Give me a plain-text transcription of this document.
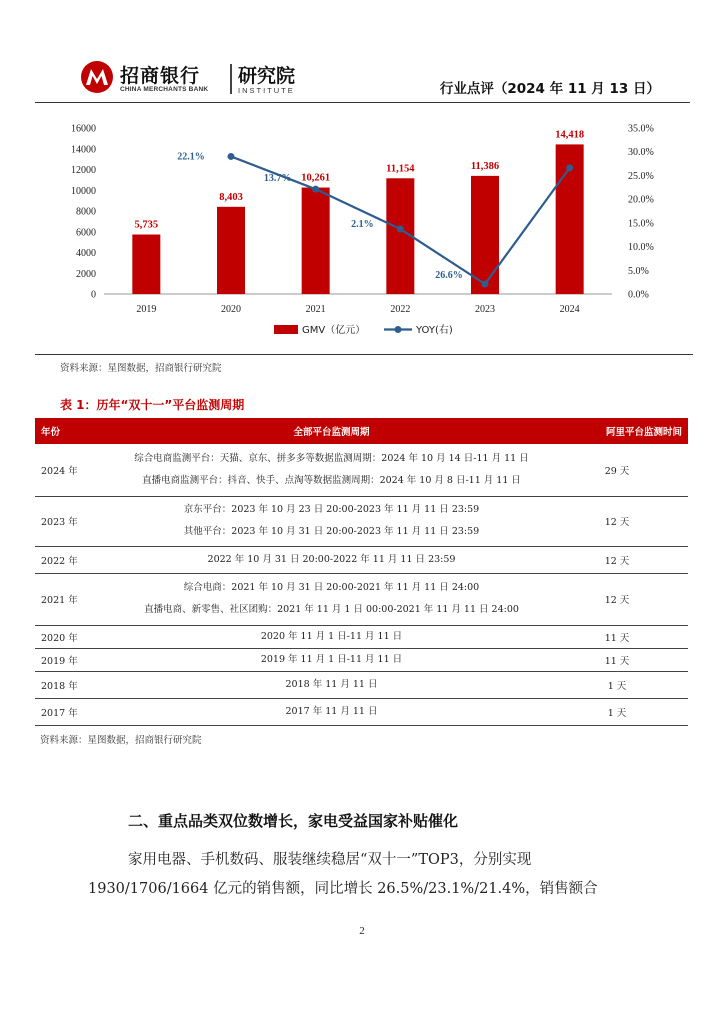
招商银行
CHINA MERCHANTS BANK
研究院
INSTITUTE	行业点评（2024 年 11 月 13 日）
0
2000
4000
6000
8000
10000
12000
14000
16000
0.0%
5.0%
10.0%
15.0%
20.0%
25.0%
30.0%
35.0%
5,735
8,403
10,261
11,154	11,386
14,418
2019	2020	2021	2022	2023	2024
22.1%
13.7%
2.1%
26.6%
GMV（亿元）	YOY(右)
资料来源：星图数据，招商银行研究院
表 1：历年“双十一”平台监测周期
年份	全部平台监测周期	阿里平台监测时间
2024 年	综合电商监测平台：天猫、京东、拼多多等数据监测周期：2024 年 10 月 14 日-11 月 11 日
直播电商监测平台：抖音、快手、点淘等数据监测周期：2024 年 10 月 8 日-11 月 11 日	29 天
2023 年	京东平台：2023 年 10 月 23 日 20:00-2023 年 11 月 11 日 23:59
其他平台：2023 年 10 月 31 日 20:00-2023 年 11 月 11 日 23:59	12 天
2022 年	2022 年 10 月 31 日 20:00-2022 年 11 月 11 日 23:59	12 天
2021 年	综合电商：2021 年 10 月 31 日 20:00-2021 年 11 月 11 日 24:00
直播电商、新零售、社区团购：2021 年 11 月 1 日 00:00-2021 年 11 月 11 日 24:00	12 天
2020 年	2020 年 11 月 1 日-11 月 11 日	11 天
2019 年	2019 年 11 月 1 日-11 月 11 日	11 天
2018 年	2018 年 11 月 11 日	1 天
2017 年	2017 年 11 月 11 日	1 天
资料来源：星图数据，招商银行研究院
二、重点品类双位数增长，家电受益国家补贴催化
家用电器、手机数码、服装继续稳居“双十一”TOP3，分别实现
1930/1706/1664 亿元的销售额，同比增长 26.5%/23.1%/21.4%，销售额合
2
